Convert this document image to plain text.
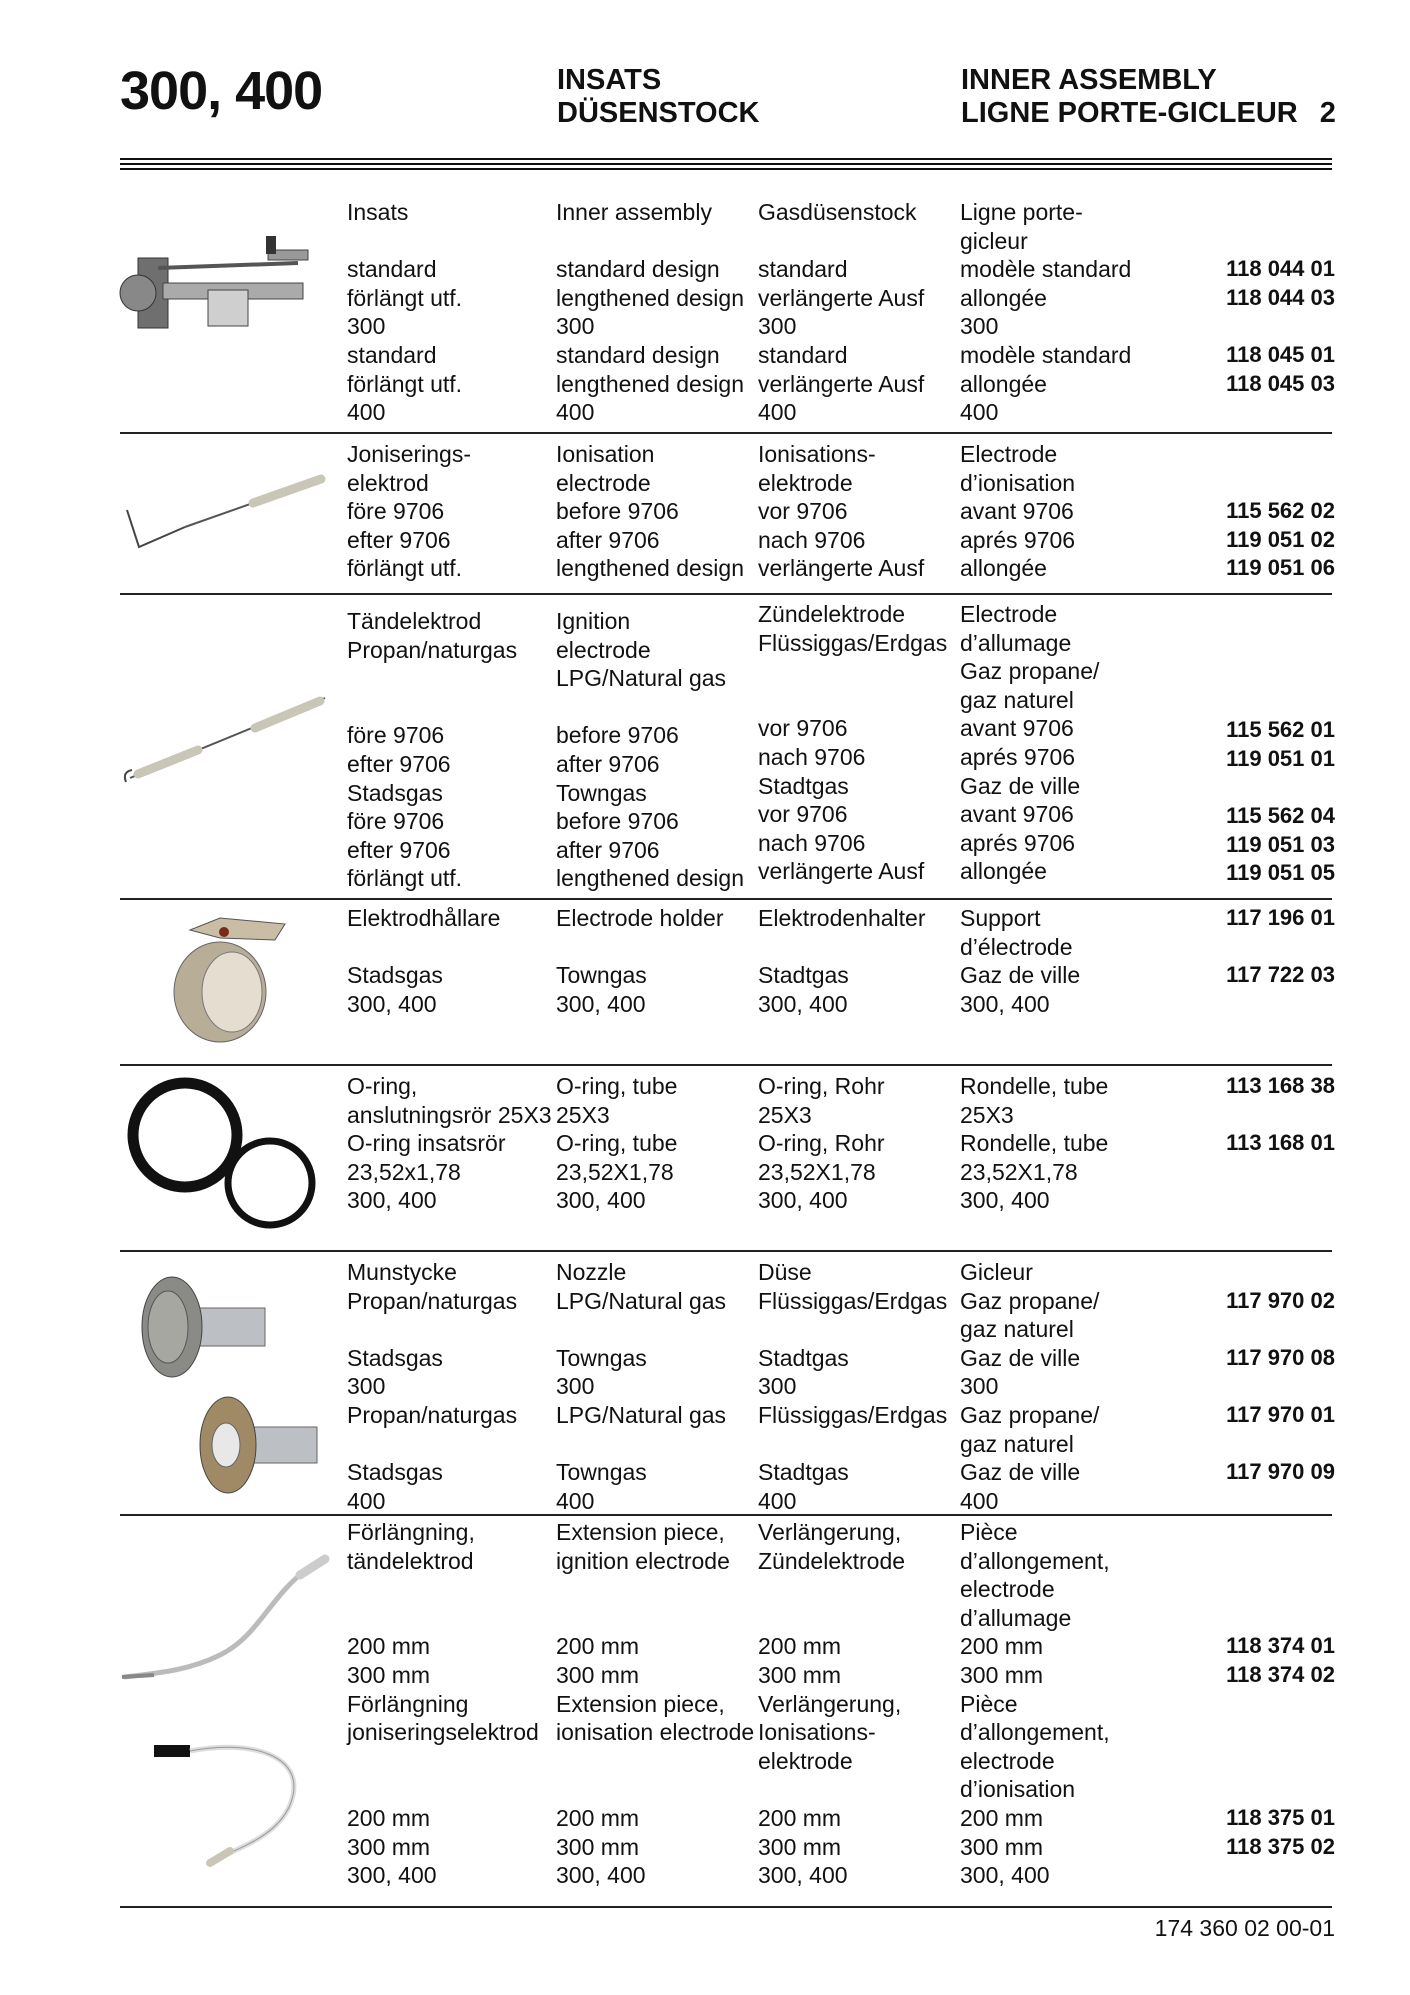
300, 400	INSATS
DÜSENSTOCK
INNER ASSEMBLY
LIGNE PORTE-GICLEUR 2
Insats

standard
förlängt utf.
300
standard
förlängt utf.
400
Inner assembly

standard design
lengthened design
300
standard design
lengthened design
400
Gasdüsenstock

standard
verlängerte Ausf
300
standard
verlängerte Ausf
400
Ligne porte-
gicleur
modèle standard
allongée
300
modèle standard
allongée
400

118 044 01
118 044 03

118 045 01
118 045 03

Joniserings-
elektrod
före 9706
efter 9706
förlängt utf.
Ionisation
electrode
before 9706
after 9706
lengthened design
Ionisations-
elektrode
vor 9706
nach 9706
verlängerte Ausf
Electrode
d’ionisation
avant 9706
aprés 9706
allongée

115 562 02
119 051 02
119 051 06
Tändelektrod
Propan/naturgas

före 9706
efter 9706
Stadsgas
före 9706
efter 9706
förlängt utf.
Ignition
electrode
LPG/Natural gas

before 9706
after 9706
Towngas
before 9706
after 9706
lengthened design
Zündelektrode
Flüssiggas/Erdgas

vor 9706
nach 9706
Stadtgas
vor 9706
nach 9706
verlängerte Ausf
Electrode
d’allumage
Gaz propane/
gaz naturel
avant 9706
aprés 9706
Gaz de ville
avant 9706
aprés 9706
allongée

115 562 01
119 051 01

115 562 04
119 051 03
119 051 05
Elektrodhållare

Stadsgas
300, 400
Electrode holder

Towngas
300, 400
Elektrodenhalter

Stadtgas
300, 400
Support
d’électrode
Gaz de ville
300, 400
117 196 01

117 722 03

O-ring,
anslutningsrör 25X3
O-ring insatsrör
23,52x1,78
300, 400
O-ring, tube
25X3
O-ring, tube
23,52X1,78
300, 400
O-ring, Rohr
25X3
O-ring, Rohr
23,52X1,78
300, 400
Rondelle, tube
25X3
Rondelle, tube
23,52X1,78
300, 400
113 168 38

113 168 01

Munstycke
Propan/naturgas

Stadsgas
300
Propan/naturgas

Stadsgas
400
Nozzle
LPG/Natural gas

Towngas
300
LPG/Natural gas

Towngas
400
Düse
Flüssiggas/Erdgas

Stadtgas
300
Flüssiggas/Erdgas

Stadtgas
400
Gicleur
Gaz propane/
gaz naturel
Gaz de ville
300
Gaz propane/
gaz naturel
Gaz de ville
400

117 970 02

117 970 08

117 970 01

117 970 09

Förlängning,
tändelektrod

200 mm
300 mm
Förlängning
joniseringselektrod

200 mm
300 mm
300, 400
Extension piece,
ignition electrode

200 mm
300 mm
Extension piece,
ionisation electrode

200 mm
300 mm
300, 400
Verlängerung,
Zündelektrode

200 mm
300 mm
Verlängerung,
Ionisations-
elektrode

200 mm
300 mm
300, 400
Pièce
d’allongement,
electrode
d’allumage
200 mm
300 mm
Pièce
d’allongement,
electrode
d’ionisation
200 mm
300 mm
300, 400

118 374 01
118 374 02

118 375 01
118 375 02

174 360 02 00-01
